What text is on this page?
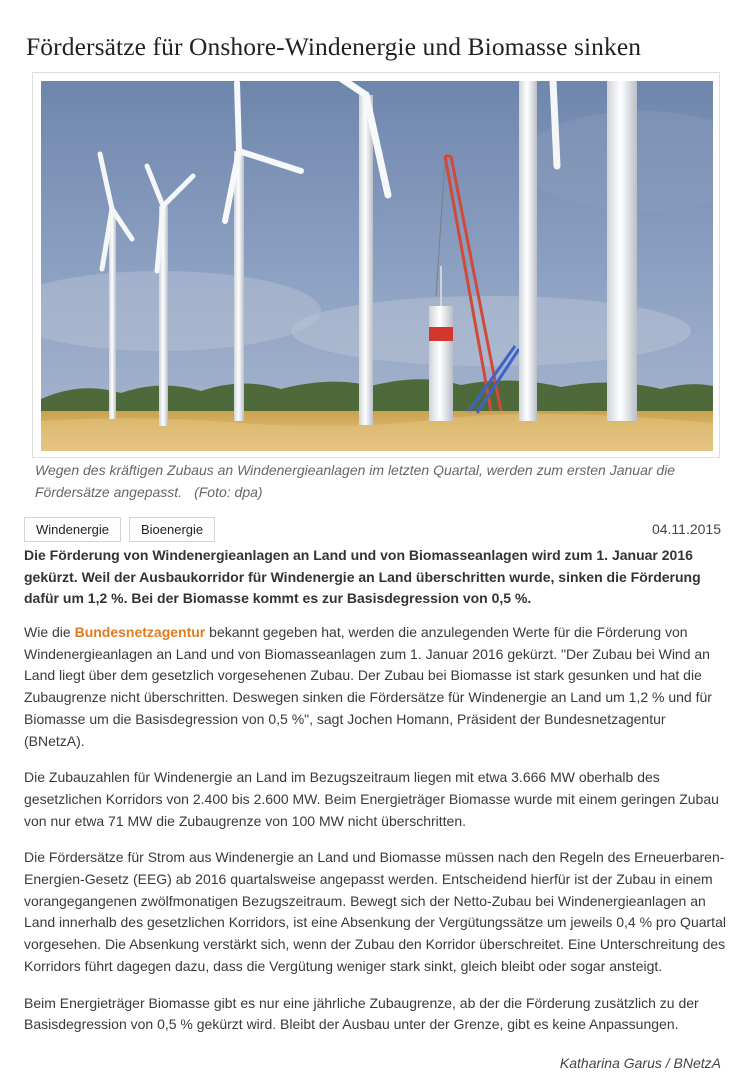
Fördersätze für Onshore-Windenergie und Biomasse sinken
Wegen des kräftigen Zubaus an Windenergieanlagen im letzten Quartal, werden zum ersten Januar die Fördersätze angepasst. (Foto: dpa)
Windenergie	Bioenergie	04.11.2015

Die Förderung von Windenergieanlagen an Land und von Biomasseanlagen wird zum 1. Januar 2016 gekürzt. Weil der Ausbaukorridor für Windenergie an Land überschritten wurde, sinken die Förderung dafür um 1,2 %. Bei der Biomasse kommt es zur Basisdegression von 0,5 %.

Wie die Bundesnetzagentur bekannt gegeben hat, werden die anzulegenden Werte für die Förderung von Windenergieanlagen an Land und von Biomasseanlagen zum 1. Januar 2016 gekürzt. "Der Zubau bei Wind an Land liegt über dem gesetzlich vorgesehenen Zubau. Der Zubau bei Biomasse ist stark gesunken und hat die Zubaugrenze nicht überschritten. Deswegen sinken die Fördersätze für Windenergie an Land um 1,2 % und für Biomasse um die Basisdegression von 0,5 %", sagt Jochen Homann, Präsident der Bundesnetzagentur (BNetzA).

Die Zubauzahlen für Windenergie an Land im Bezugszeitraum liegen mit etwa 3.666 MW oberhalb des gesetzlichen Korridors von 2.400 bis 2.600 MW. Beim Energieträger Biomasse wurde mit einem geringen Zubau von nur etwa 71 MW die Zubaugrenze von 100 MW nicht überschritten.

Die Fördersätze für Strom aus Windenergie an Land und Biomasse müssen nach den Regeln des Erneuerbaren-Energien-Gesetz (EEG) ab 2016 quartalsweise angepasst werden. Entscheidend hierfür ist der Zubau in einem vorangegangenen zwölfmonatigen Bezugszeitraum. Bewegt sich der Netto-Zubau bei Windenergieanlagen an Land innerhalb des gesetzlichen Korridors, ist eine Absenkung der Vergütungssätze um jeweils 0,4 % pro Quartal vorgesehen. Die Absenkung verstärkt sich, wenn der Zubau den Korridor überschreitet. Eine Unterschreitung des Korridors führt dagegen dazu, dass die Vergütung weniger stark sinkt, gleich bleibt oder sogar ansteigt.

Beim Energieträger Biomasse gibt es nur eine jährliche Zubaugrenze, ab der die Förderung zusätzlich zu der Basisdegression von 0,5 % gekürzt wird. Bleibt der Ausbau unter der Grenze, gibt es keine Anpassungen.

Katharina Garus / BNetzA
